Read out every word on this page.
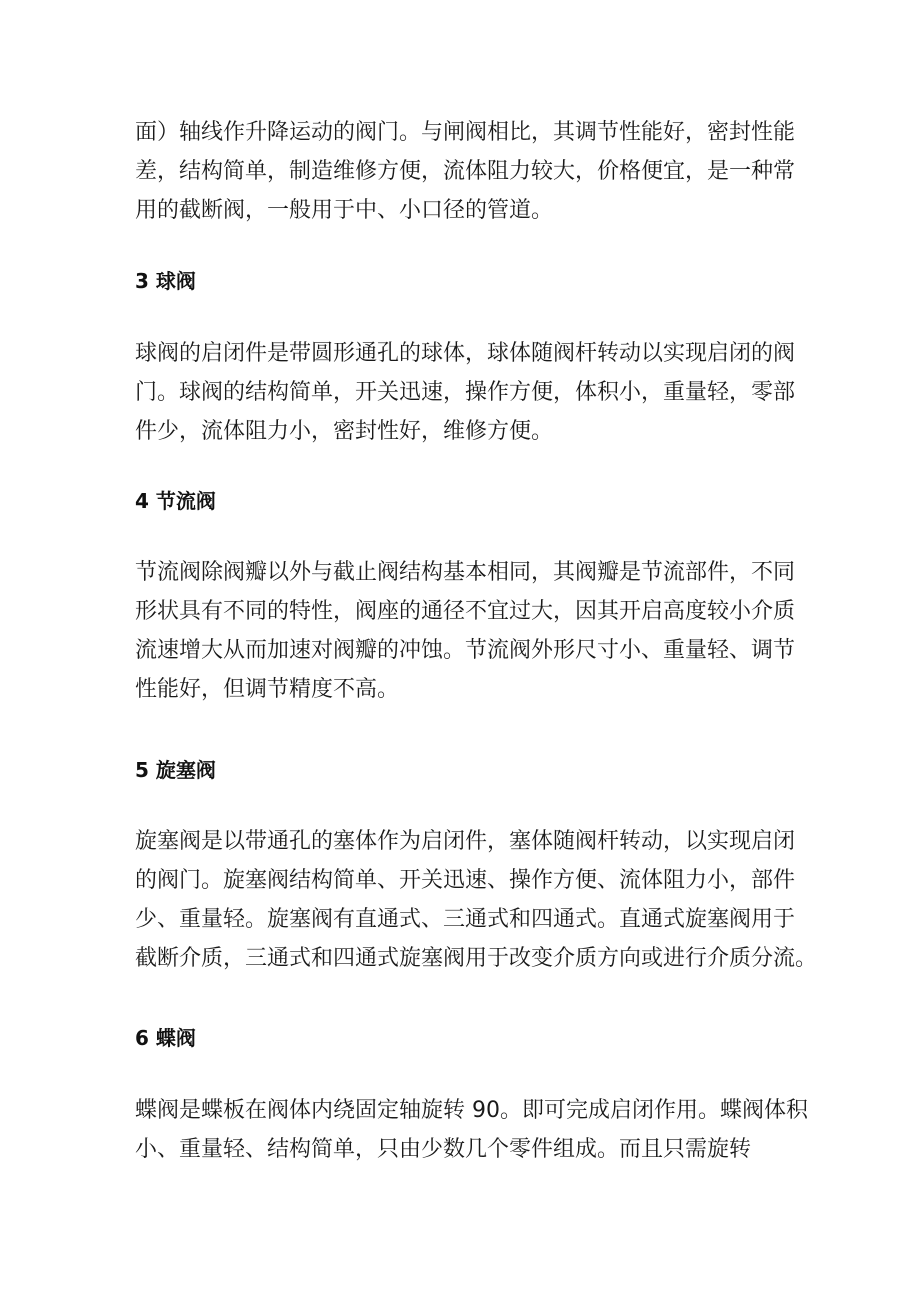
面）轴线作升降运动的阀门。与闸阀相比，其调节性能好，密封性能
差，结构简单，制造维修方便，流体阻力较大，价格便宜，是一种常
用的截断阀，一般用于中、小口径的管道。
3 球阀
球阀的启闭件是带圆形通孔的球体，球体随阀杆转动以实现启闭的阀
门。球阀的结构简单，开关迅速，操作方便，体积小，重量轻，零部
件少，流体阻力小，密封性好，维修方便。
4 节流阀
节流阀除阀瓣以外与截止阀结构基本相同，其阀瓣是节流部件，不同
形状具有不同的特性，阀座的通径不宜过大，因其开启高度较小介质
流速增大从而加速对阀瓣的冲蚀。节流阀外形尺寸小、重量轻、调节
性能好，但调节精度不高。
5 旋塞阀
旋塞阀是以带通孔的塞体作为启闭件，塞体随阀杆转动，以实现启闭
的阀门。旋塞阀结构简单、开关迅速、操作方便、流体阻力小，部件
少、重量轻。旋塞阀有直通式、三通式和四通式。直通式旋塞阀用于
截断介质，三通式和四通式旋塞阀用于改变介质方向或进行介质分流。
6 蝶阀
蝶阀是蝶板在阀体内绕固定轴旋转 90。即可完成启闭作用。蝶阀体积
小、重量轻、结构简单，只由少数几个零件组成。而且只需旋转
